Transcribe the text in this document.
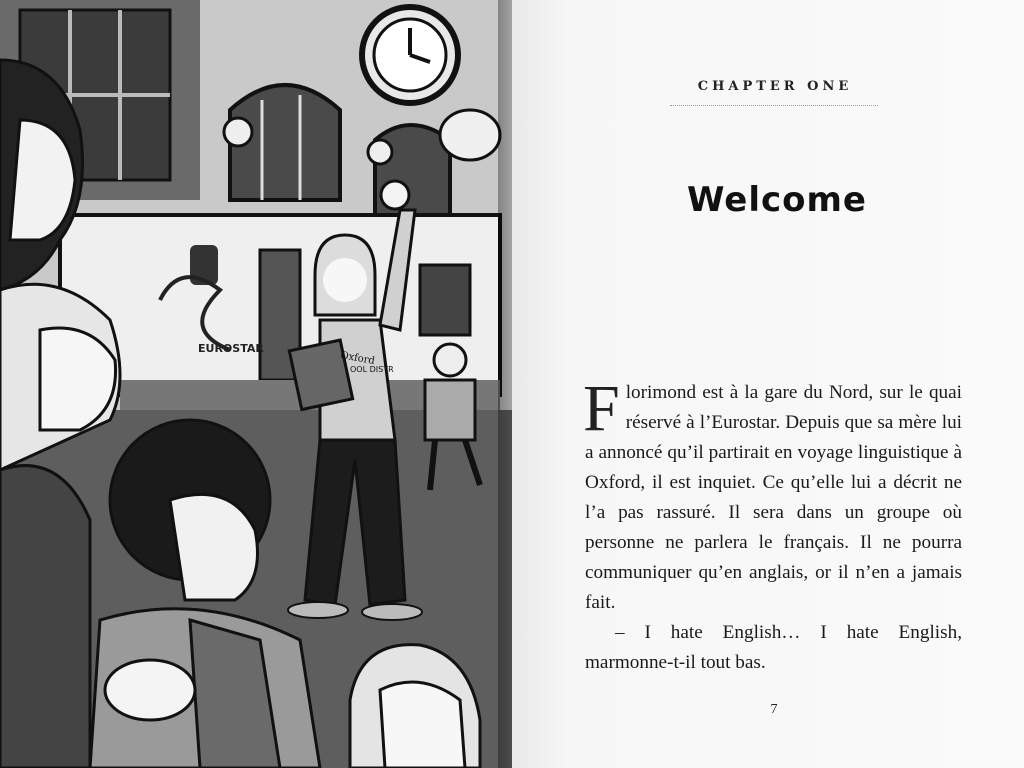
EUROSTAR
Oxford
OOL DISTR
CHAPTER ONE
Welcome

Florimond est à la gare du Nord, sur le quai réservé à l’Eurostar. Depuis que sa mère lui a annoncé qu’il partirait en voyage linguistique à Oxford, il est inquiet. Ce qu’elle lui a décrit ne l’a pas rassuré. Il sera dans un groupe où personne ne parlera le français. Il ne pourra communiquer qu’en anglais, or il n’en a jamais fait.

– I hate English… I hate English, marmonne-t-il tout bas.

7
